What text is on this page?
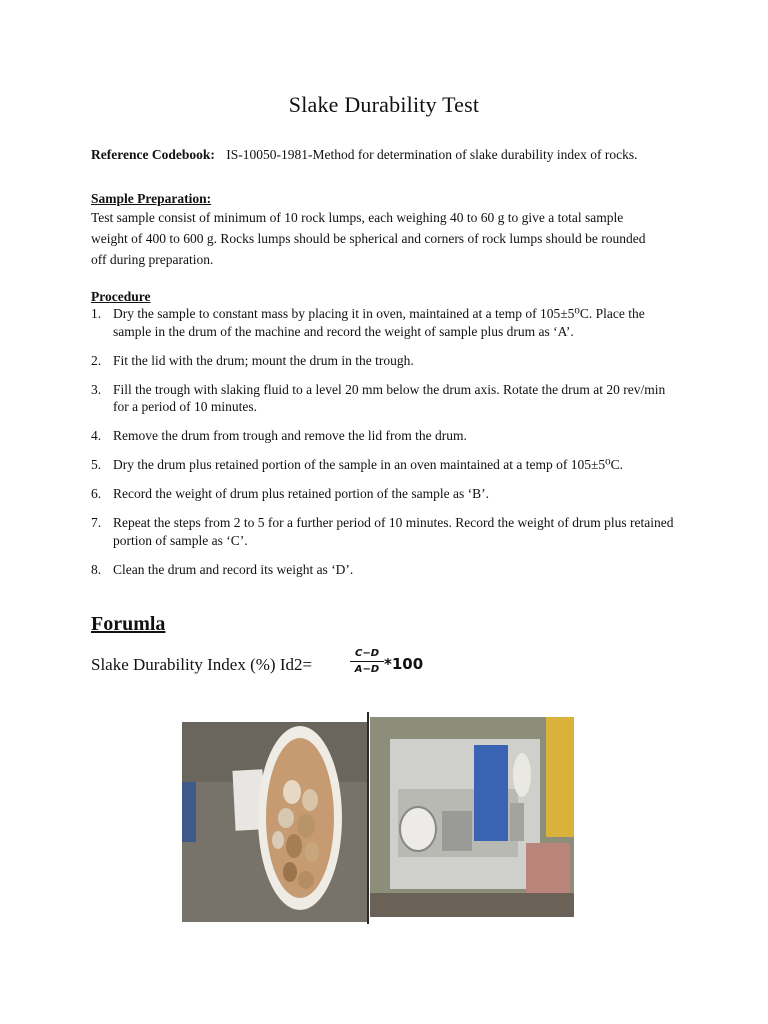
Slake Durability Test
Reference Codebook: IS-10050-1981-Method for determination of slake durability index of rocks.
Sample Preparation:
Test sample consist of minimum of 10 rock lumps, each weighing 40 to 60 g to give a total sample weight of 400 to 600 g. Rocks lumps should be spherical and corners of rock lumps should be rounded off during preparation.
Procedure
1. Dry the sample to constant mass by placing it in oven, maintained at a temp of 105±5⁰C. Place the sample in the drum of the machine and record the weight of sample plus drum as ‘A’.
2. Fit the lid with the drum; mount the drum in the trough.
3. Fill the trough with slaking fluid to a level 20 mm below the drum axis. Rotate the drum at 20 rev/min for a period of 10 minutes.
4. Remove the drum from trough and remove the lid from the drum.
5. Dry the drum plus retained portion of the sample in an oven maintained at a temp of 105±5⁰C.
6. Record the weight of drum plus retained portion of the sample as ‘B’.
7. Repeat the steps from 2 to 5 for a further period of 10 minutes. Record the weight of drum plus retained portion of sample as ‘C’.
8. Clean the drum and record its weight as ‘D’.
Forumla
Slake Durability Index (%) Id2=	$\frac{C-D}{A-D} *100$
